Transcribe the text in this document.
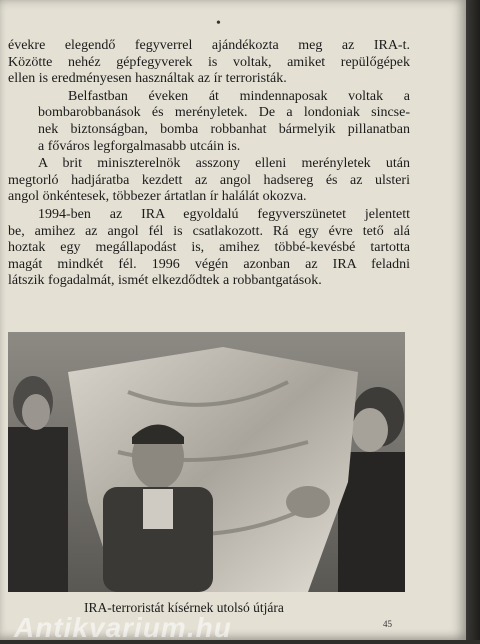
•

évekre elegendő fegyverrel ajándékozta meg az IRA-t.
Közötte nehéz gépfegyverek is voltak, amiket repülőgépek
ellen is eredményesen használtak az ír terroristák.

Belfastban éveken át mindennaposak voltak a
bombarobbanások és merényletek. De a londoniak sincse-
nek biztonságban, bomba robbanhat bármelyik pillanatban
a főváros legforgalmasabb utcáin is.

A brit miniszterelnök asszony elleni merényletek után
megtorló hadjáratba kezdett az angol hadsereg és az ulsteri
angol önkéntesek, többezer ártatlan ír halálát okozva.

1994-ben az IRA egyoldalú fegyverszünetet jelentett
be, amihez az angol fél is csatlakozott. Rá egy évre tető alá
hoztak egy megállapodást is, amihez többé-kevésbé tartotta
magát mindkét fél. 1996 végén azonban az IRA feladni
látszik fogadalmát, ismét elkezdődtek a robbantgatások.

IRA-terroristát kísérnek utolsó útjára
45
Antikvarium.hu
